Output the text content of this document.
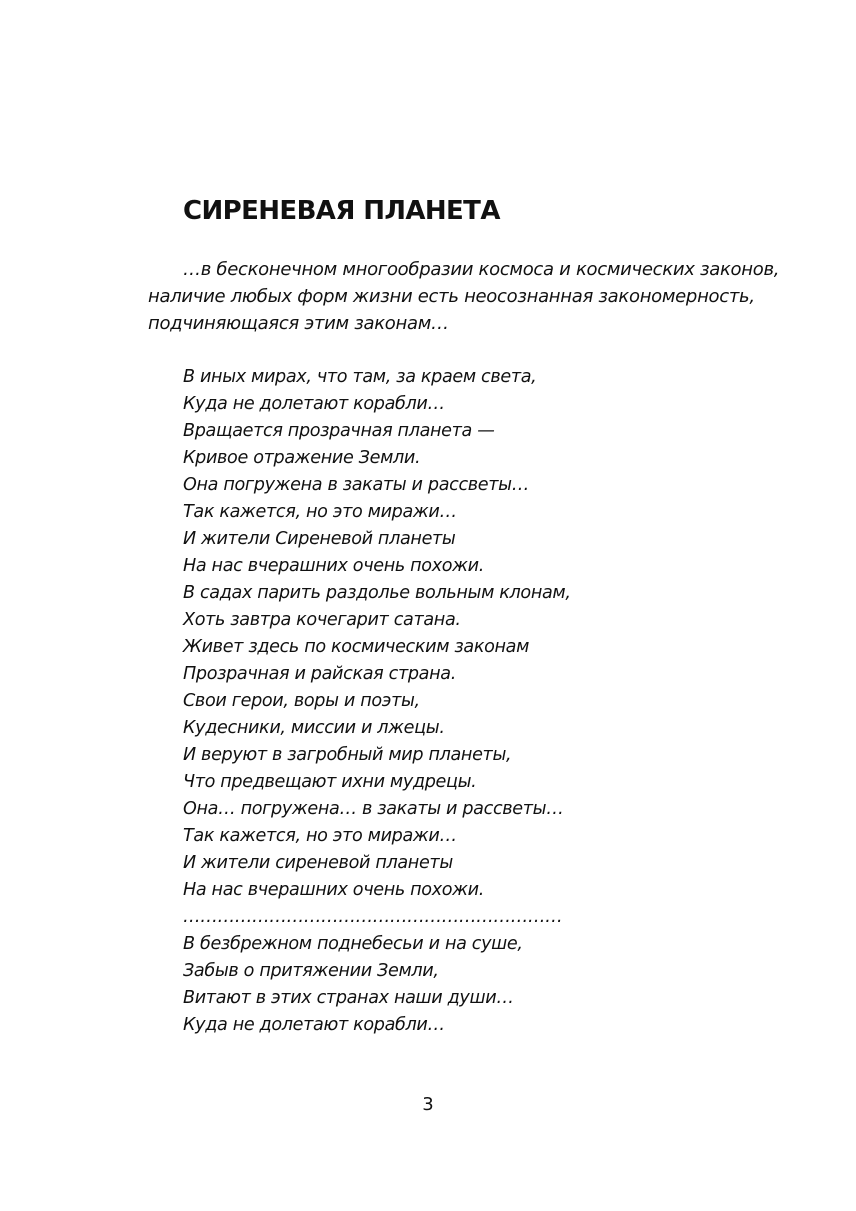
СИРЕНЕВАЯ ПЛАНЕТА

…в бесконечном многообразии космоса и космических законов,
наличие любых форм жизни есть неосознанная закономерность,
подчиняющаяся этим законам…

В иных мирах, что там, за краем света,
Куда не долетают корабли…
Вращается прозрачная планета —
Кривое отражение Земли.
Она погружена в закаты и рассветы…
Так кажется, но это миражи…
И жители Сиреневой планеты
На нас вчерашних очень похожи.
В садах парить раздолье вольным клонам,
Хоть завтра кочегарит сатана.
Живет здесь по космическим законам
Прозрачная и райская страна.
Свои герои, воры и поэты,
Кудесники, миссии и лжецы.
И веруют в загробный мир планеты,
Что предвещают ихни мудрецы.
Она… погружена… в закаты и рассветы…
Так кажется, но это миражи…
И жители сиреневой планеты
На нас вчерашних очень похожи.
…………………………………………………………
В безбрежном поднебесьи и на суше,
Забыв о притяжении Земли,
Витают в этих странах наши души…
Куда не долетают корабли…
3
